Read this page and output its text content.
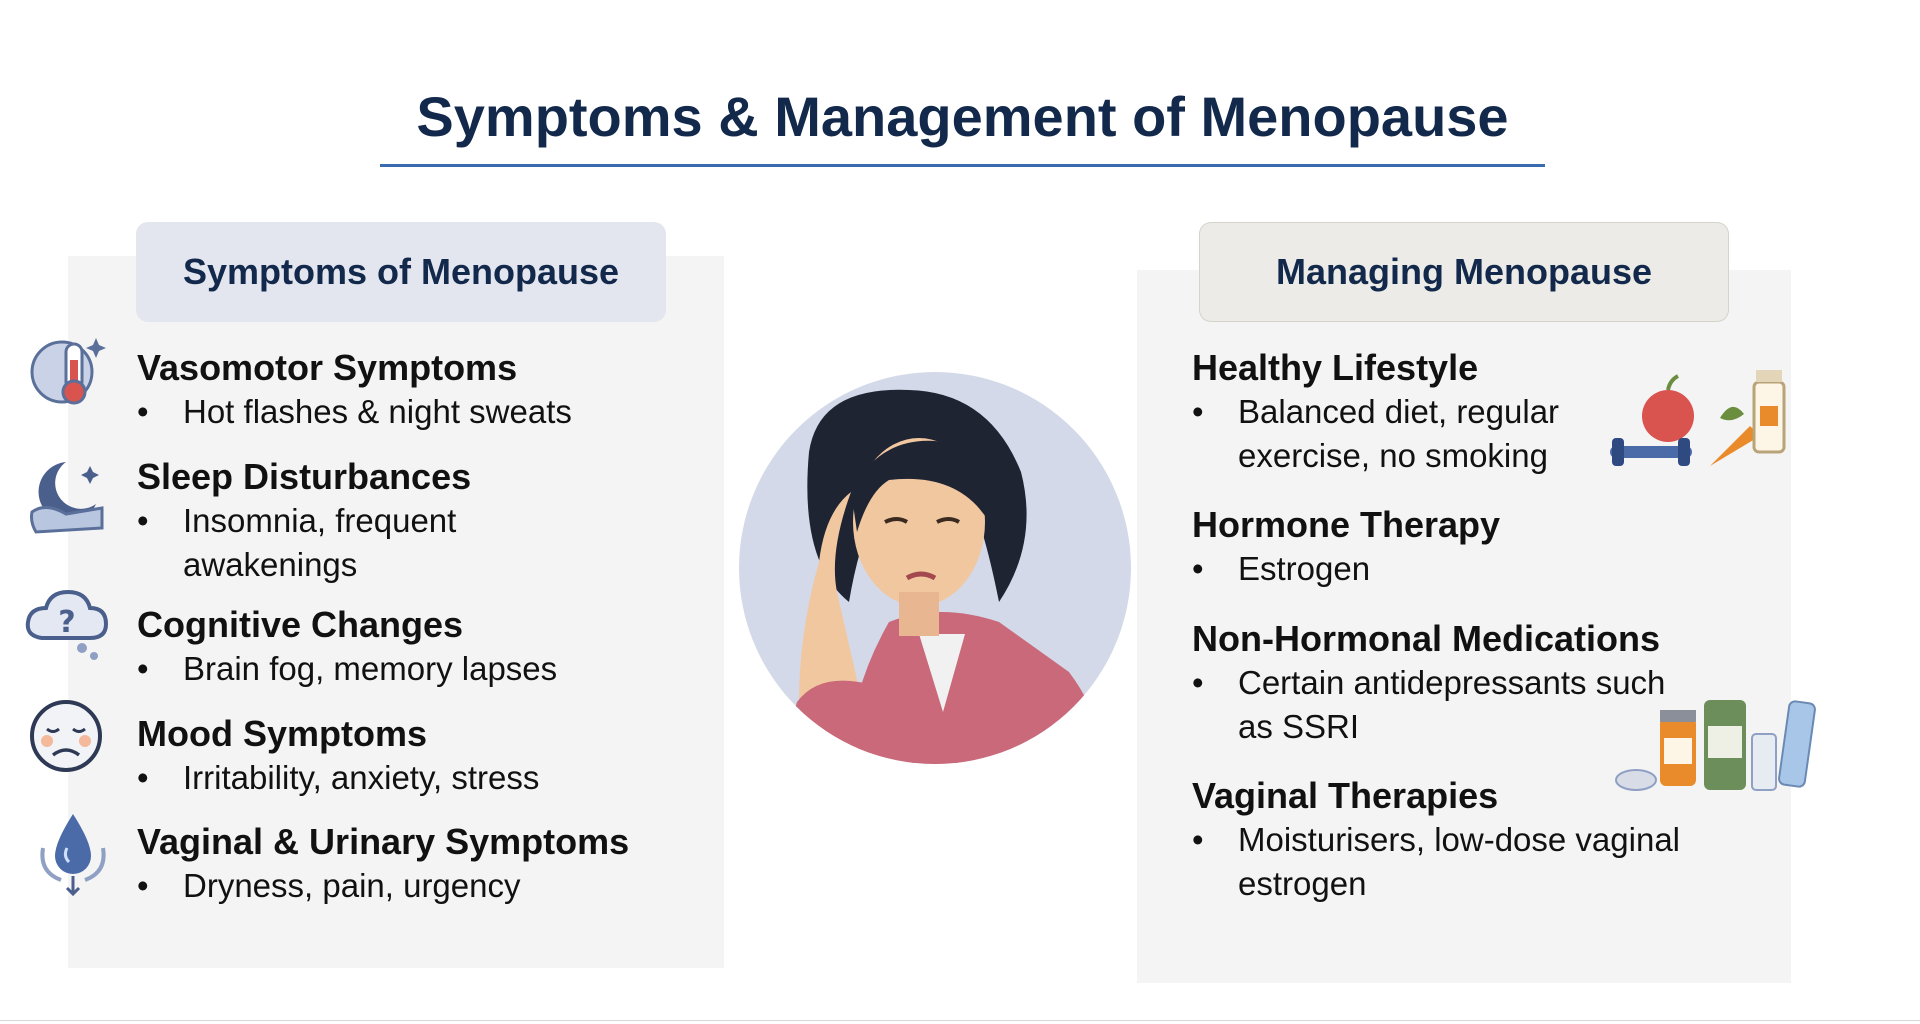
Symptoms & Management of Menopause
Symptoms of Menopause	Managing Menopause
Vasomotor Symptoms
•	Hot flashes & night sweats
Sleep Disturbances
•	Insomnia, frequent
awakenings
Cognitive Changes
•	Brain fog, memory lapses
Mood Symptoms
•	Irritability, anxiety, stress
Vaginal & Urinary Symptoms
•	Dryness, pain, urgency
?
Healthy Lifestyle
•	Balanced diet, regular
exercise, no smoking
Hormone Therapy
•	Estrogen
Non-Hormonal Medications
•	Certain antidepressants such
as SSRI
Vaginal Therapies
•	Moisturisers, low-dose vaginal
estrogen
